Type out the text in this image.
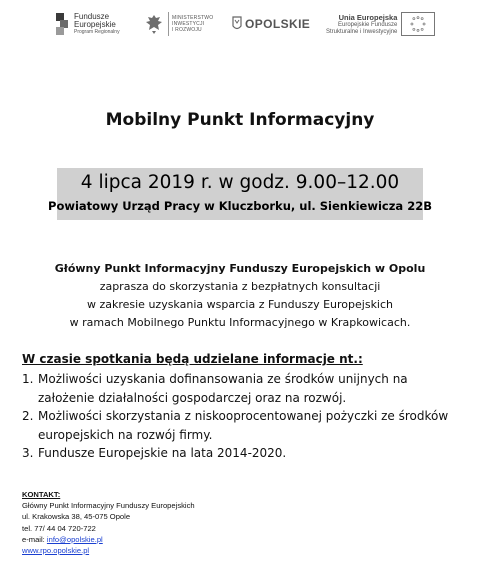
Fundusze
Europejskie
Program Regionalny
MINISTERSTWO
INWESTYCJI
I ROZWOJU	OPOLSKIE	Unia Europejska
Europejskie Fundusze
Strukturalne i Inwestycyjne
Mobilny Punkt Informacyjny
4 lipca 2019 r. w godz. 9.00–12.00
Powiatowy Urząd Pracy w Kluczborku, ul. Sienkiewicza 22B
Główny Punkt Informacyjny Funduszy Europejskich w Opolu
zaprasza do skorzystania z bezpłatnych konsultacji
w zakresie uzyskania wsparcia z Funduszy Europejskich
w ramach Mobilnego Punktu Informacyjnego w Krapkowicach.
W czasie spotkania będą udzielane informacje nt.:
1. Możliwości uzyskania dofinansowania ze środków unijnych na założenie działalności gospodarczej oraz na rozwój.
2. Możliwości skorzystania z niskooprocentowanej pożyczki ze środków europejskich na rozwój firmy.
3. Fundusze Europejskie na lata 2014-2020.
KONTAKT:
Główny Punkt Informacyjny Funduszy Europejskich
ul. Krakowska 38, 45-075 Opole
tel. 77/ 44 04 720-722
e-mail: info@opolskie.pl
www.rpo.opolskie.pl
